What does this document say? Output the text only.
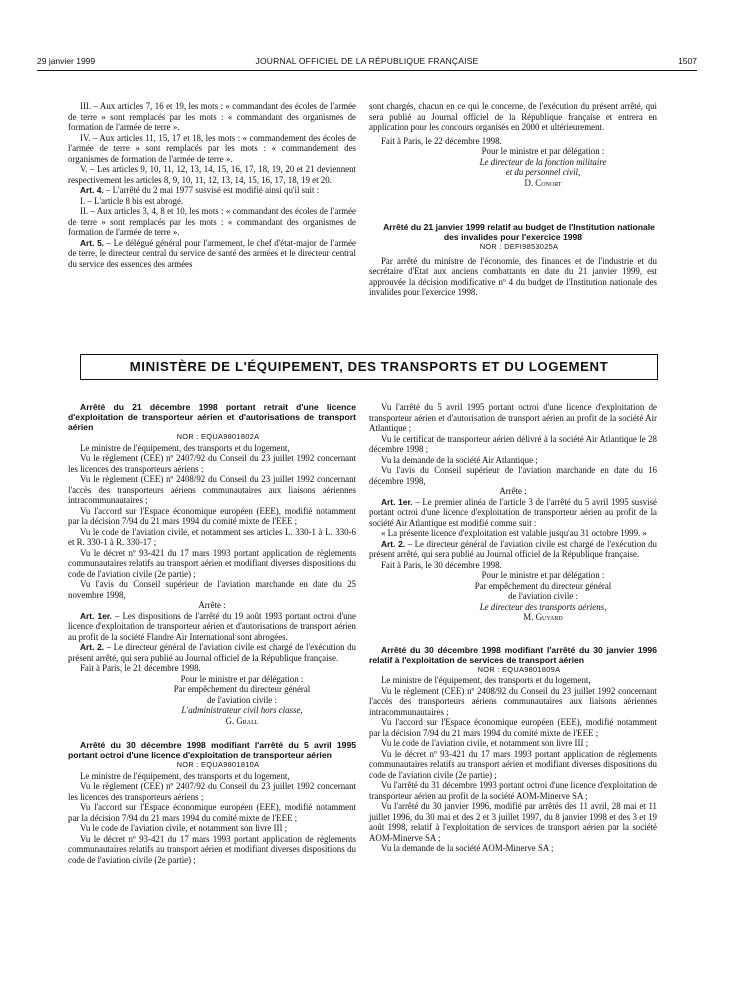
29 janvier 1999	JOURNAL OFFICIEL DE LA RÉPUBLIQUE FRANÇAISE	1507

III. – Aux articles 7, 16 et 19, les mots : « commandant des écoles de l'armée de terre » sont remplacés par les mots : « commandant des organismes de formation de l'armée de terre ».

IV. – Aux articles 11, 15, 17 et 18, les mots : « commandement des écoles de l'armée de terre » sont remplacés par les mots : « commandement des organismes de formation de l'armée de terre ».

V. – Les articles 9, 10, 11, 12, 13, 14, 15, 16, 17, 18, 19, 20 et 21 deviennent respectivement les articles 8, 9, 10, 11, 12, 13, 14, 15, 16, 17, 18, 19 et 20.

Art. 4. – L'arrêté du 2 mai 1977 susvisé est modifié ainsi qu'il suit :

I. – L'article 8 bis est abrogé.

II. – Aux articles 3, 4, 8 et 10, les mots : « commandant des écoles de l'armée de terre » sont remplacés par les mots : « commandant des organismes de formation de l'armée de terre ».

Art. 5. – Le délégué général pour l'armement, le chef d'état-major de l'armée de terre, le directeur central du service de santé des armées et le directeur central du service des essences des armées

sont chargés, chacun en ce qui le concerne, de l'exécution du présent arrêté, qui sera publié au Journal officiel de la République française et entrera en application pour les concours organisés en 2000 et ultérieurement.

Fait à Paris, le 22 décembre 1998.

Pour le ministre et par délégation :

Le directeur de la fonction militaire

et du personnel civil,

D. Conort

Arrêté du 21 janvier 1999 relatif au budget de l'Institution nationale des invalides pour l'exercice 1998

NOR : DEFI9853025A

Par arrêté du ministre de l'économie, des finances et de l'industrie et du secrétaire d'Etat aux anciens combattants en date du 21 janvier 1999, est approuvée la décision modificative nº 4 du budget de l'Institution nationale des invalides pour l'exercice 1998.

MINISTÈRE DE L'ÉQUIPEMENT, DES TRANSPORTS ET DU LOGEMENT

Arrêté du 21 décembre 1998 portant retrait d'une licence d'exploitation de transporteur aérien et d'autorisations de transport aérien

NOR : EQUA9801802A

Le ministre de l'équipement, des transports et du logement,

Vu le règlement (CEE) nº 2407/92 du Conseil du 23 juillet 1992 concernant les licences des transporteurs aériens ;

Vu le règlement (CEE) nº 2408/92 du Conseil du 23 juillet 1992 concernant l'accès des transporteurs aériens communautaires aux liaisons aériennes intracommunautaires ;

Vu l'accord sur l'Espace économique européen (EEE), modifié notamment par la décision 7/94 du 21 mars 1994 du comité mixte de l'EEE ;

Vu le code de l'aviation civile, et notamment ses articles L. 330-1 à L. 330-6 et R. 330-1 à R. 330-17 ;

Vu le décret nº 93-421 du 17 mars 1993 portant application de règlements communautaires relatifs au transport aérien et modifiant diverses dispositions du code de l'aviation civile (2e partie) ;

Vu l'avis du Conseil supérieur de l'aviation marchande en date du 25 novembre 1998,

Arrête :

Art. 1er. – Les dispositions de l'arrêté du 19 août 1993 portant octroi d'une licence d'exploitation de transporteur aérien et d'autorisations de transport aérien au profit de la société Flandre Air International sont abrogées.

Art. 2. – Le directeur général de l'aviation civile est chargé de l'exécution du présent arrêté, qui sera publié au Journal officiel de la République française.

Fait à Paris, le 21 décembre 1998.

Pour le ministre et par délégation :

Par empêchement du directeur général

de l'aviation civile :

L'administrateur civil hors classe,

G. Grall

Arrêté du 30 décembre 1998 modifiant l'arrêté du 5 avril 1995 portant octroi d'une licence d'exploitation de transporteur aérien

NOR : EQUA9801810A

Le ministre de l'équipement, des transports et du logement,

Vu le règlement (CEE) nº 2407/92 du Conseil du 23 juillet 1992 concernant les licences des transporteurs aériens ;

Vu l'accord sur l'Espace économique européen (EEE), modifié notamment par la décision 7/94 du 21 mars 1994 du comité mixte de l'EEE ;

Vu le code de l'aviation civile, et notamment son livre III ;

Vu le décret nº 93-421 du 17 mars 1993 portant application de règlements communautaires relatifs au transport aérien et modifiant diverses dispositions du code de l'aviation civile (2e partie) ;

Vu l'arrêté du 5 avril 1995 portant octroi d'une licence d'exploitation de transporteur aérien et d'autorisation de transport aérien au profit de la société Air Atlantique ;

Vu le certificat de transporteur aérien délivré à la société Air Atlantique le 28 décembre 1998 ;

Vu la demande de la société Air Atlantique ;

Vu l'avis du Conseil supérieur de l'aviation marchande en date du 16 décembre 1998,

Arrête :

Art. 1er. – Le premier alinéa de l'article 3 de l'arrêté du 5 avril 1995 susvisé portant octroi d'une licence d'exploitation de transporteur aérien au profit de la société Air Atlantique est modifié comme suit :

« La présente licence d'exploitation est valable jusqu'au 31 octobre 1999. »

Art. 2. – Le directeur général de l'aviation civile est chargé de l'exécution du présent arrêté, qui sera publié au Journal officiel de la République française.

Fait à Paris, le 30 décembre 1998.

Pour le ministre et par délégation :

Par empêchement du directeur général

de l'aviation civile :

Le directeur des transports aériens,

M. Guyard

Arrêté du 30 décembre 1998 modifiant l'arrêté du 30 janvier 1996 relatif à l'exploitation de services de transport aérien

NOR : EQUA9801809A

Le ministre de l'équipement, des transports et du logement,

Vu le règlement (CEE) nº 2408/92 du Conseil du 23 juillet 1992 concernant l'accès des transporteurs aériens communautaires aux liaisons aériennes intracommunautaires ;

Vu l'accord sur l'Espace économique européen (EEE), modifié notamment par la décision 7/94 du 21 mars 1994 du comité mixte de l'EEE ;

Vu le code de l'aviation civile, et notamment son livre III ;

Vu le décret nº 93-421 du 17 mars 1993 portant application de règlements communautaires relatifs au transport aérien et modifiant diverses dispositions du code de l'aviation civile (2e partie) ;

Vu l'arrêté du 31 décembre 1993 portant octroi d'une licence d'exploitation de transporteur aérien au profit de la société AOM-Minerve SA ;

Vu l'arrêté du 30 janvier 1996, modifié par arrêtés des 11 avril, 28 mai et 11 juillet 1996, du 30 mai et des 2 et 3 juillet 1997, du 8 janvier 1998 et des 3 et 19 août 1998, relatif à l'exploitation de services de transport aérien par la société AOM-Minerve SA ;

Vu la demande de la société AOM-Minerve SA ;
